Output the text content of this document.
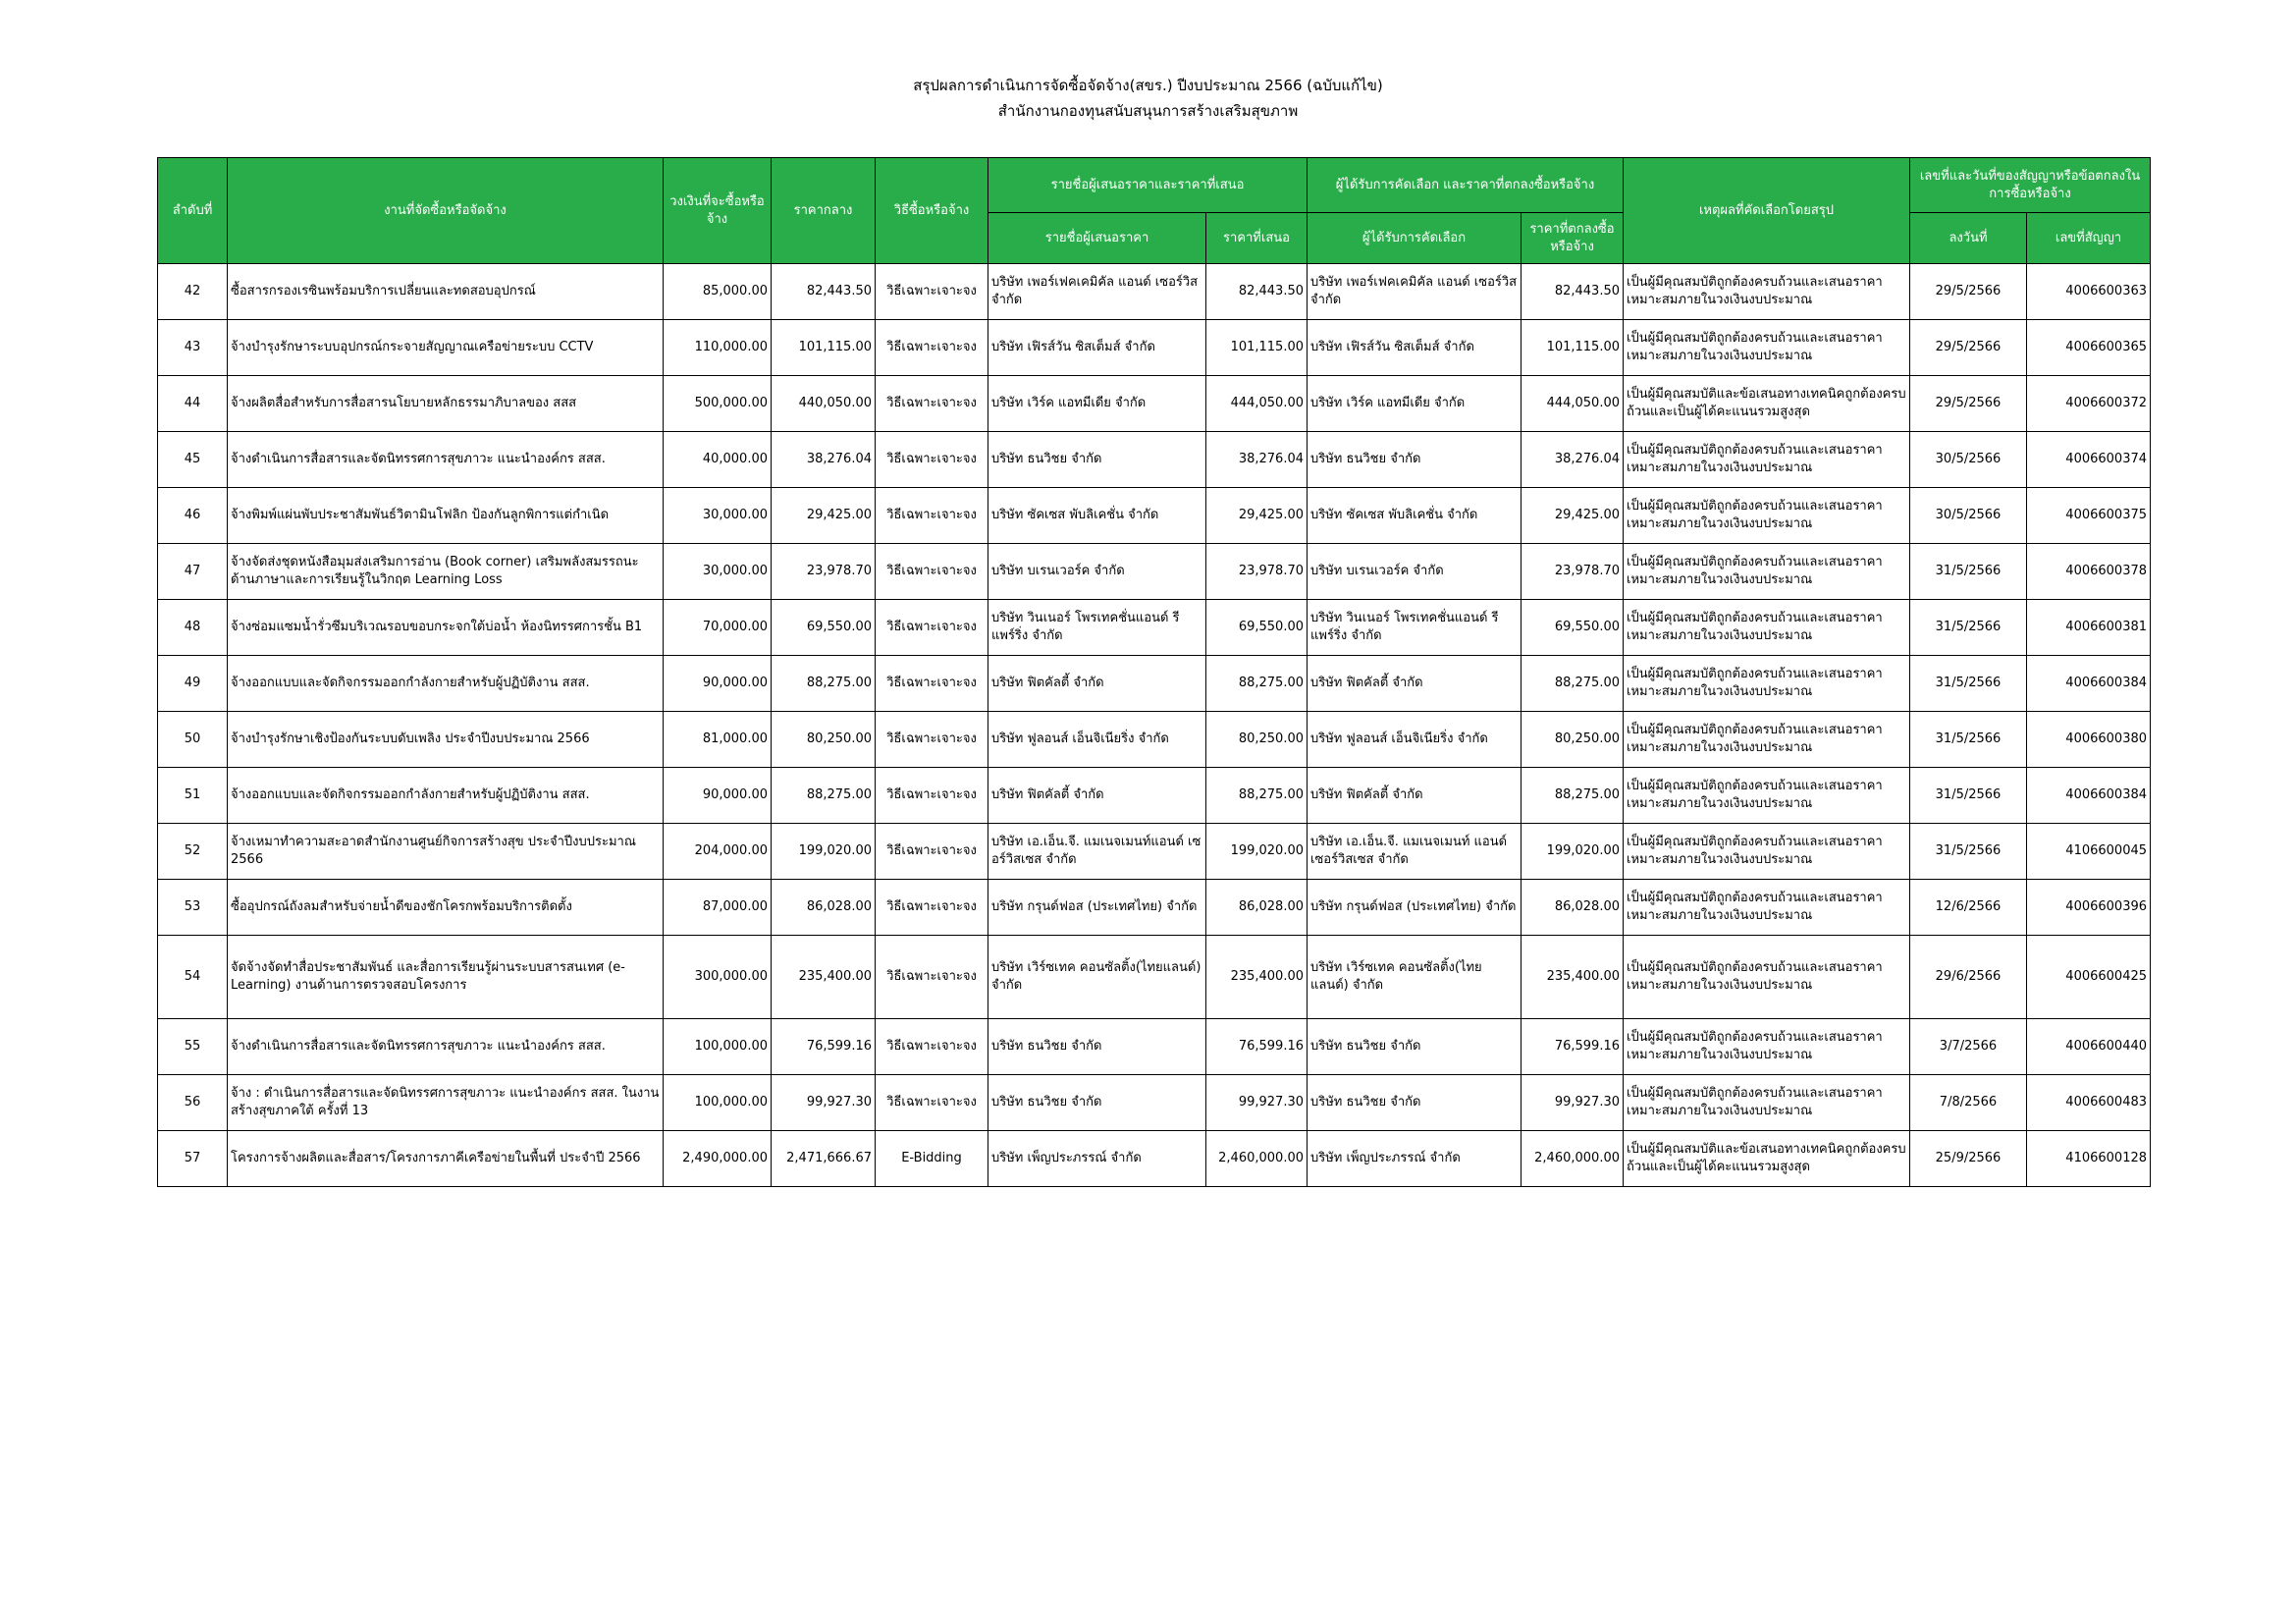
สรุปผลการดำเนินการจัดซื้อจัดจ้าง(สขร.) ปีงบประมาณ 2566 (ฉบับแก้ไข)
สำนักงานกองทุนสนับสนุนการสร้างเสริมสุขภาพ
ลำดับที่	งานที่จัดซื้อหรือจัดจ้าง	วงเงินที่จะซื้อหรือจ้าง	ราคากลาง	วิธีซื้อหรือจ้าง	รายชื่อผู้เสนอราคาและราคาที่เสนอ		ผู้ได้รับการคัดเลือก และราคาที่ตกลงซื้อหรือจ้าง		เหตุผลที่คัดเลือกโดยสรุป	เลขที่และวันที่ของสัญญาหรือข้อตกลงในการซื้อหรือจ้าง	
					รายชื่อผู้เสนอราคา	ราคาที่เสนอ	ผู้ได้รับการคัดเลือก	ราคาที่ตกลงซื้อหรือจ้าง		ลงวันที่	เลขที่สัญญา
42	ซื้อสารกรองเรซินพร้อมบริการเปลี่ยนและทดสอบอุปกรณ์	85,000.00	82,443.50	วิธีเฉพาะเจาะจง	บริษัท เพอร์เฟคเคมิคัล แอนด์ เซอร์วิส จำกัด	82,443.50	บริษัท เพอร์เฟคเคมิคัล แอนด์ เซอร์วิส จำกัด	82,443.50	เป็นผู้มีคุณสมบัติถูกต้องครบถ้วนและเสนอราคาเหมาะสมภายในวงเงินงบประมาณ	29/5/2566	4006600363
43	จ้างบำรุงรักษาระบบอุปกรณ์กระจายสัญญาณเครือข่ายระบบ CCTV	110,000.00	101,115.00	วิธีเฉพาะเจาะจง	บริษัท เฟิรส์วัน ซิสเต็มส์ จำกัด	101,115.00	บริษัท เฟิรส์วัน ซิสเต็มส์ จำกัด	101,115.00	เป็นผู้มีคุณสมบัติถูกต้องครบถ้วนและเสนอราคาเหมาะสมภายในวงเงินงบประมาณ	29/5/2566	4006600365
44	จ้างผลิตสื่อสำหรับการสื่อสารนโยบายหลักธรรมาภิบาลของ สสส	500,000.00	440,050.00	วิธีเฉพาะเจาะจง	บริษัท เวิร์ค แอทมีเดีย จำกัด	444,050.00	บริษัท เวิร์ค แอทมีเดีย จำกัด	444,050.00	เป็นผู้มีคุณสมบัติและข้อเสนอทางเทคนิคถูกต้องครบถ้วนและเป็นผู้ได้คะแนนรวมสูงสุด	29/5/2566	4006600372
45	จ้างดำเนินการสื่อสารและจัดนิทรรศการสุขภาวะ แนะนำองค์กร สสส.	40,000.00	38,276.04	วิธีเฉพาะเจาะจง	บริษัท ธนวิชย จำกัด	38,276.04	บริษัท ธนวิชย จำกัด	38,276.04	เป็นผู้มีคุณสมบัติถูกต้องครบถ้วนและเสนอราคาเหมาะสมภายในวงเงินงบประมาณ	30/5/2566	4006600374
46	จ้างพิมพ์แผ่นพับประชาสัมพันธ์วิตามินโฟลิก ป้องกันลูกพิการแต่กำเนิด	30,000.00	29,425.00	วิธีเฉพาะเจาะจง	บริษัท ซัคเซส พับลิเคชั่น จำกัด	29,425.00	บริษัท ซัคเซส พับลิเคชั่น จำกัด	29,425.00	เป็นผู้มีคุณสมบัติถูกต้องครบถ้วนและเสนอราคาเหมาะสมภายในวงเงินงบประมาณ	30/5/2566	4006600375
47	จ้างจัดส่งชุดหนังสือมุมส่งเสริมการอ่าน (Book corner) เสริมพลังสมรรถนะด้านภาษาและการเรียนรู้ในวิกฤต Learning Loss	30,000.00	23,978.70	วิธีเฉพาะเจาะจง	บริษัท บเรนเวอร์ค จำกัด	23,978.70	บริษัท บเรนเวอร์ค จำกัด	23,978.70	เป็นผู้มีคุณสมบัติถูกต้องครบถ้วนและเสนอราคาเหมาะสมภายในวงเงินงบประมาณ	31/5/2566	4006600378
48	จ้างซ่อมแซมน้ำรั่วซึมบริเวณรอบขอบกระจกใต้บ่อน้ำ ห้องนิทรรศการชั้น B1	70,000.00	69,550.00	วิธีเฉพาะเจาะจง	บริษัท วินเนอร์ โพรเทคชั่นแอนด์ รีแพร์ริ่ง จำกัด	69,550.00	บริษัท วินเนอร์ โพรเทคชั่นแอนด์ รีแพร์ริ่ง จำกัด	69,550.00	เป็นผู้มีคุณสมบัติถูกต้องครบถ้วนและเสนอราคาเหมาะสมภายในวงเงินงบประมาณ	31/5/2566	4006600381
49	จ้างออกแบบและจัดกิจกรรมออกกำลังกายสำหรับผู้ปฏิบัติงาน สสส.	90,000.00	88,275.00	วิธีเฉพาะเจาะจง	บริษัท ฟิตคัลตี้ จำกัด	88,275.00	บริษัท ฟิตคัลตี้ จำกัด	88,275.00	เป็นผู้มีคุณสมบัติถูกต้องครบถ้วนและเสนอราคาเหมาะสมภายในวงเงินงบประมาณ	31/5/2566	4006600384
50	จ้างบำรุงรักษาเชิงป้องกันระบบดับเพลิง ประจำปีงบประมาณ 2566	81,000.00	80,250.00	วิธีเฉพาะเจาะจง	บริษัท ฟูลอนส์ เอ็นจิเนียริ่ง จำกัด	80,250.00	บริษัท ฟูลอนส์ เอ็นจิเนียริ่ง จำกัด	80,250.00	เป็นผู้มีคุณสมบัติถูกต้องครบถ้วนและเสนอราคาเหมาะสมภายในวงเงินงบประมาณ	31/5/2566	4006600380
51	จ้างออกแบบและจัดกิจกรรมออกกำลังกายสำหรับผู้ปฏิบัติงาน สสส.	90,000.00	88,275.00	วิธีเฉพาะเจาะจง	บริษัท ฟิตคัลตี้ จำกัด	88,275.00	บริษัท ฟิตคัลตี้ จำกัด	88,275.00	เป็นผู้มีคุณสมบัติถูกต้องครบถ้วนและเสนอราคาเหมาะสมภายในวงเงินงบประมาณ	31/5/2566	4006600384
52	จ้างเหมาทำความสะอาดสำนักงานศูนย์กิจการสร้างสุข ประจำปีงบประมาณ 2566	204,000.00	199,020.00	วิธีเฉพาะเจาะจง	บริษัท เอ.เอ็น.จี. แมเนจเมนท์แอนด์ เซอร์วิสเซส จำกัด	199,020.00	บริษัท เอ.เอ็น.จี. แมเนจเมนท์ แอนด์ เซอร์วิสเซส จำกัด	199,020.00	เป็นผู้มีคุณสมบัติถูกต้องครบถ้วนและเสนอราคาเหมาะสมภายในวงเงินงบประมาณ	31/5/2566	4106600045
53	ซื้ออุปกรณ์ถังลมสำหรับจ่ายน้ำดีของชักโครกพร้อมบริการติดตั้ง	87,000.00	86,028.00	วิธีเฉพาะเจาะจง	บริษัท กรุนด์ฟอส (ประเทศไทย) จำกัด	86,028.00	บริษัท กรุนด์ฟอส (ประเทศไทย) จำกัด	86,028.00	เป็นผู้มีคุณสมบัติถูกต้องครบถ้วนและเสนอราคาเหมาะสมภายในวงเงินงบประมาณ	12/6/2566	4006600396
54	จัดจ้างจัดทำสื่อประชาสัมพันธ์ และสื่อการเรียนรู้ผ่านระบบสารสนเทศ (e-Learning) งานด้านการตรวจสอบโครงการ	300,000.00	235,400.00	วิธีเฉพาะเจาะจง	บริษัท เวิร์ซเทค คอนซัลติ้ง(ไทยแลนด์) จำกัด	235,400.00	บริษัท เวิร์ซเทค คอนซัลติ้ง(ไทยแลนด์) จำกัด	235,400.00	เป็นผู้มีคุณสมบัติถูกต้องครบถ้วนและเสนอราคาเหมาะสมภายในวงเงินงบประมาณ	29/6/2566	4006600425
55	จ้างดำเนินการสื่อสารและจัดนิทรรศการสุขภาวะ แนะนำองค์กร สสส.	100,000.00	76,599.16	วิธีเฉพาะเจาะจง	บริษัท ธนวิชย จำกัด	76,599.16	บริษัท ธนวิชย จำกัด	76,599.16	เป็นผู้มีคุณสมบัติถูกต้องครบถ้วนและเสนอราคาเหมาะสมภายในวงเงินงบประมาณ	3/7/2566	4006600440
56	จ้าง : ดำเนินการสื่อสารและจัดนิทรรศการสุขภาวะ แนะนำองค์กร สสส. ในงานสร้างสุขภาคใต้ ครั้งที่ 13	100,000.00	99,927.30	วิธีเฉพาะเจาะจง	บริษัท ธนวิชย จำกัด	99,927.30	บริษัท ธนวิชย จำกัด	99,927.30	เป็นผู้มีคุณสมบัติถูกต้องครบถ้วนและเสนอราคาเหมาะสมภายในวงเงินงบประมาณ	7/8/2566	4006600483
57	โครงการจ้างผลิตและสื่อสาร/โครงการภาคีเครือข่ายในพื้นที่ ประจำปี 2566	2,490,000.00	2,471,666.67	E-Bidding	บริษัท เพ็ญประภรรณ์ จำกัด	2,460,000.00	บริษัท เพ็ญประภรรณ์ จำกัด	2,460,000.00	เป็นผู้มีคุณสมบัติและข้อเสนอทางเทคนิคถูกต้องครบถ้วนและเป็นผู้ได้คะแนนรวมสูงสุด	25/9/2566	4106600128
